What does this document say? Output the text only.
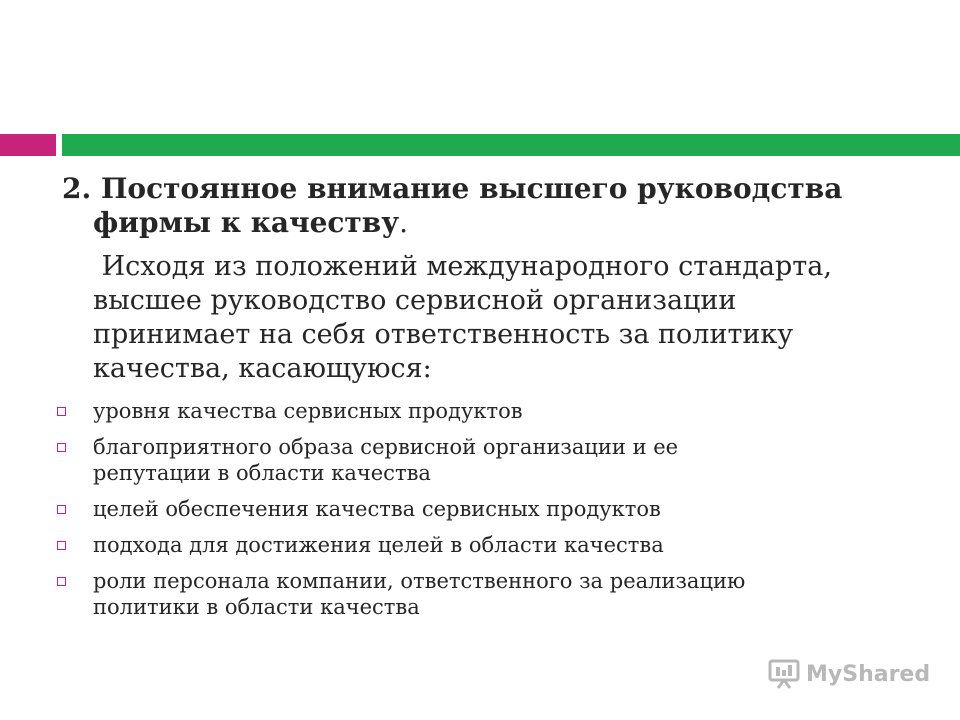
2. Постоянное внимание высшего руководства
фирмы к качеству.

Исходя из положений международного стандарта,
высшее руководство сервисной организации
принимает на себя ответственность за политику
качества, касающуюся:

уровня качества сервисных продуктов
благоприятного образа сервисной организации и ее
репутации в области качества
целей обеспечения качества сервисных продуктов
подхода для достижения целей в области качества
роли персонала компании, ответственного за реализацию
политики в области качества
MyShared
